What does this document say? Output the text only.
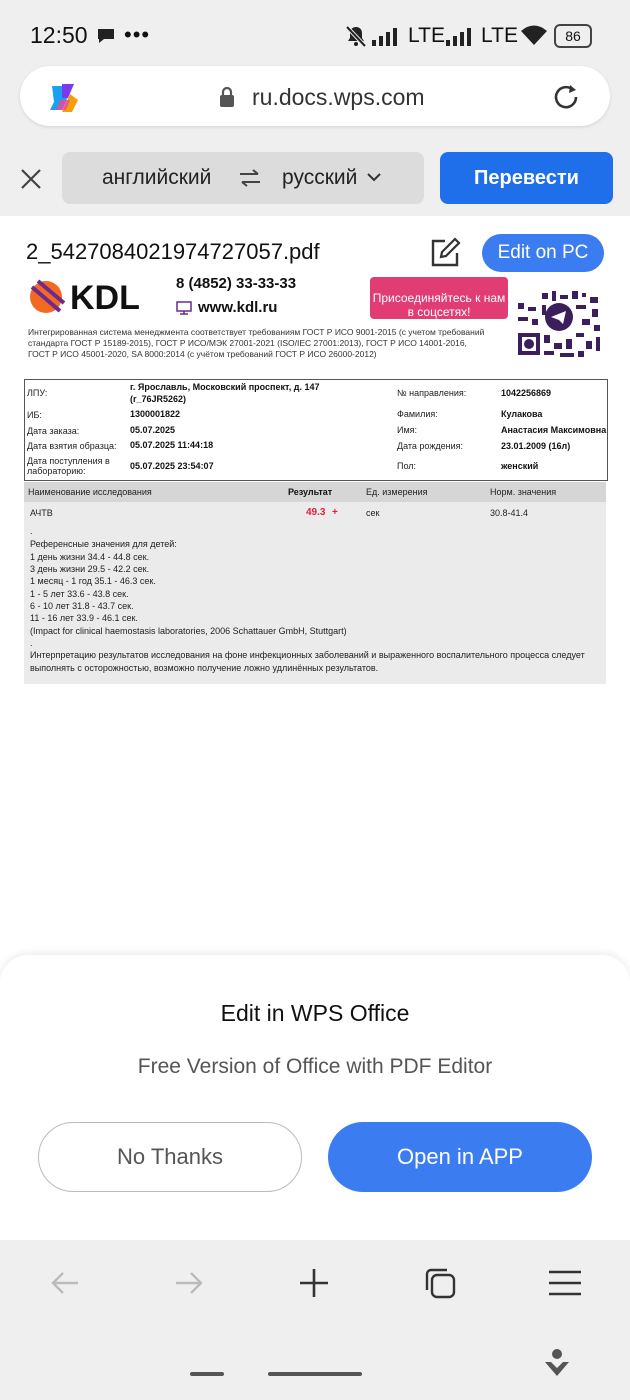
12:50 •••	LTE LTE	86
ru.docs.wps.com
английский	русский	Перевести
2_5427084021974727057.pdf	Edit on PC
KDL 8 (4852) 33-33-33
www.kdl.ru
Присоединяйтесь к нам в соцсетях!
Интегрированная система менеджмента соответствует требованиям ГОСТ Р ИСО 9001-2015 (с учетом требований
стандарта ГОСТ Р 15189-2015), ГОСТ Р ИСО/МЭК 27001-2021 (ISO/IEC 27001:2013), ГОСТ Р ИСО 14001-2016,
ГОСТ Р ИСО 45001-2020, SA 8000:2014 (с учётом требований ГОСТ Р ИСО 26000-2012)
ЛПУ:
г. Ярославль, Московский проспект, д. 147
(r_76JR5262)
ИБ:	1300001822
Дата заказа:	05.07.2025
Дата взятия образца: 05.07.2025 11:44:18
Дата поступления в лабораторию:	05.07.2025 23:54:07
№ направления:	1042256869
Фамилия:	Кулакова
Имя:	Анастасия Максимовна
Дата рождения:	23.01.2009 (16л)
Пол:	женский
Наименование исследования	Результат	Ед. измерения	Норм. значения
АЧТВ	49.3 +	сек	30.8-41.4
.
Референсные значения для детей:
1 день жизни 34.4 - 44.8 сек.
3 день жизни 29.5 - 42.2 сек.
1 месяц - 1 год 35.1 - 46.3 сек.
1 - 5 лет 33.6 - 43.8 сек.
6 - 10 лет 31.8 - 43.7 сек.
11 - 16 лет 33.9 - 46.1 сек.
(Impact for clinical haemostasis laboratories, 2006 Schattauer GmbH, Stuttgart)
.
Интерпретацию результатов исследования на фоне инфекционных заболеваний и выраженного воспалительного процесса следует
выполнять с осторожностью, возможно получение ложно удлинённых результатов.
Edit in WPS Office
Free Version of Office with PDF Editor
No Thanks	Open in APP
